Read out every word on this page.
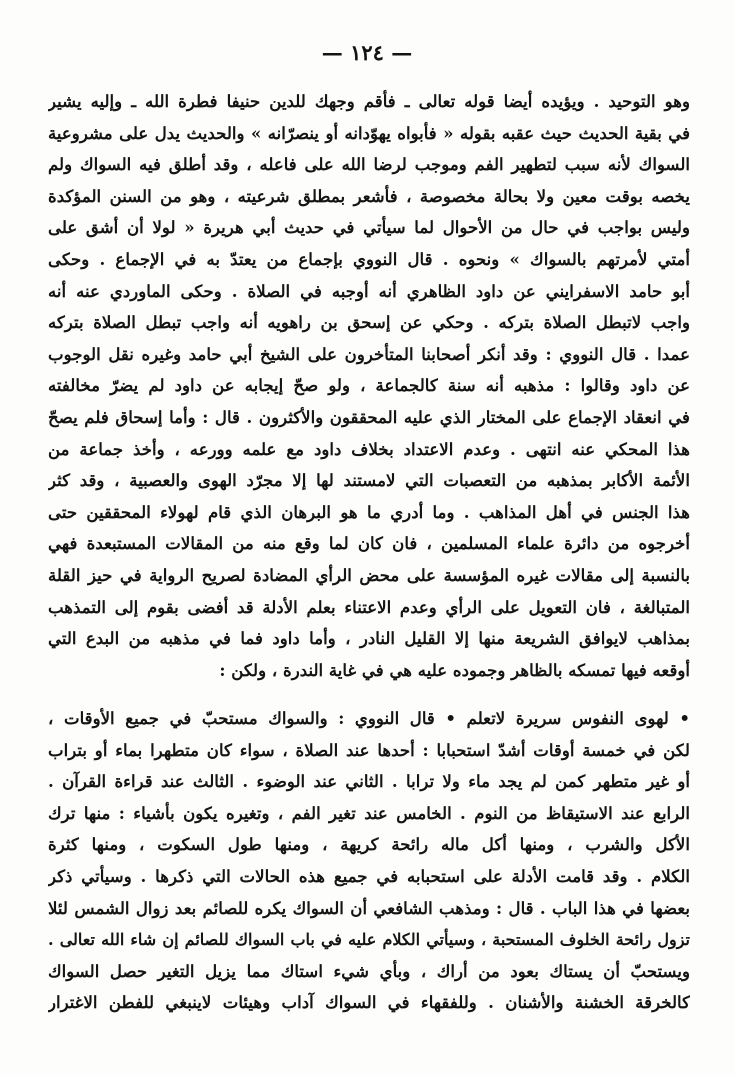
— ١٢٤ —
وهو التوحيد . ويؤيده أيضا قوله تعالى ـ فأقم وجهك للدين حنيفا فطرة الله ـ وإليه يشير
في بقية الحديث حيث عقبه بقوله « فأبواه يهوّدانه أو ينصرّانه » والحديث يدل على مشروعية
السواك لأنه سبب لتطهير الفم وموجب لرضا الله على فاعله ، وقد أطلق فيه السواك ولم
يخصه بوقت معين ولا بحالة مخصوصة ، فأشعر بمطلق شرعيته ، وهو من السنن المؤكدة
وليس بواجب في حال من الأحوال لما سيأتي في حديث أبي هريرة « لولا أن أشق على
أمتي لأمرتهم بالسواك » ونحوه . قال النووي بإجماع من يعتدّ به في الإجماع . وحكى
أبو حامد الاسفرايني عن داود الظاهري أنه أوجبه في الصلاة . وحكى الماوردي عنه أنه
واجب لاتبطل الصلاة بتركه . وحكي عن إسحق بن راهويه أنه واجب تبطل الصلاة بتركه
عمدا . قال النووي : وقد أنكر أصحابنا المتأخرون على الشيخ أبي حامد وغيره نقل الوجوب
عن داود وقالوا : مذهبه أنه سنة كالجماعة ، ولو صحّ إيجابه عن داود لم يضرّ مخالفته
في انعقاد الإجماع على المختار الذي عليه المحققون والأكثرون . قال : وأما إسحاق فلم يصحّ
هذا المحكي عنه انتهى . وعدم الاعتداد بخلاف داود مع علمه وورعه ، وأخذ جماعة من
الأئمة الأكابر بمذهبه من التعصبات التي لامستند لها إلا مجرّد الهوى والعصبية ، وقد كثر
هذا الجنس في أهل المذاهب . وما أدري ما هو البرهان الذي قام لهولاء المحققين حتى
أخرجوه من دائرة علماء المسلمين ، فان كان لما وقع منه من المقالات المستبعدة فهي
بالنسبة إلى مقالات غيره المؤسسة على محض الرأي المضادة لصريح الرواية في حيز القلة
المتبالغة ، فان التعويل على الرأي وعدم الاعتناء بعلم الأدلة قد أفضى بقوم إلى التمذهب
بمذاهب لايوافق الشريعة منها إلا القليل النادر ، وأما داود فما في مذهبه من البدع التي
أوقعه فيها تمسكه بالظاهر وجموده عليه هي في غاية الندرة ، ولكن :
• لهوى النفوس سريرة لاتعلم • قال النووي : والسواك مستحبّ في جميع الأوقات ،
لكن في خمسة أوقات أشدّ استحبابا : أحدها عند الصلاة ، سواء كان متطهرا بماء أو بتراب
أو غير متطهر كمن لم يجد ماء ولا ترابا . الثاني عند الوضوء . الثالث عند قراءة القرآن .
الرابع عند الاستيقاظ من النوم . الخامس عند تغير الفم ، وتغيره يكون بأشياء : منها ترك
الأكل والشرب ، ومنها أكل ماله رائحة كريهة ، ومنها طول السكوت ، ومنها كثرة
الكلام . وقد قامت الأدلة على استحبابه في جميع هذه الحالات التي ذكرها . وسيأتي ذكر
بعضها في هذا الباب . قال : ومذهب الشافعي أن السواك يكره للصائم بعد زوال الشمس لئلا
تزول رائحة الخلوف المستحبة ، وسيأتي الكلام عليه في باب السواك للصائم إن شاء الله تعالى .
ويستحبّ أن يستاك بعود من أراك ، وبأي شيء استاك مما يزيل التغير حصل السواك
كالخرقة الخشنة والأشنان . وللفقهاء في السواك آداب وهيئات لاينبغي للفطن الاغترار
